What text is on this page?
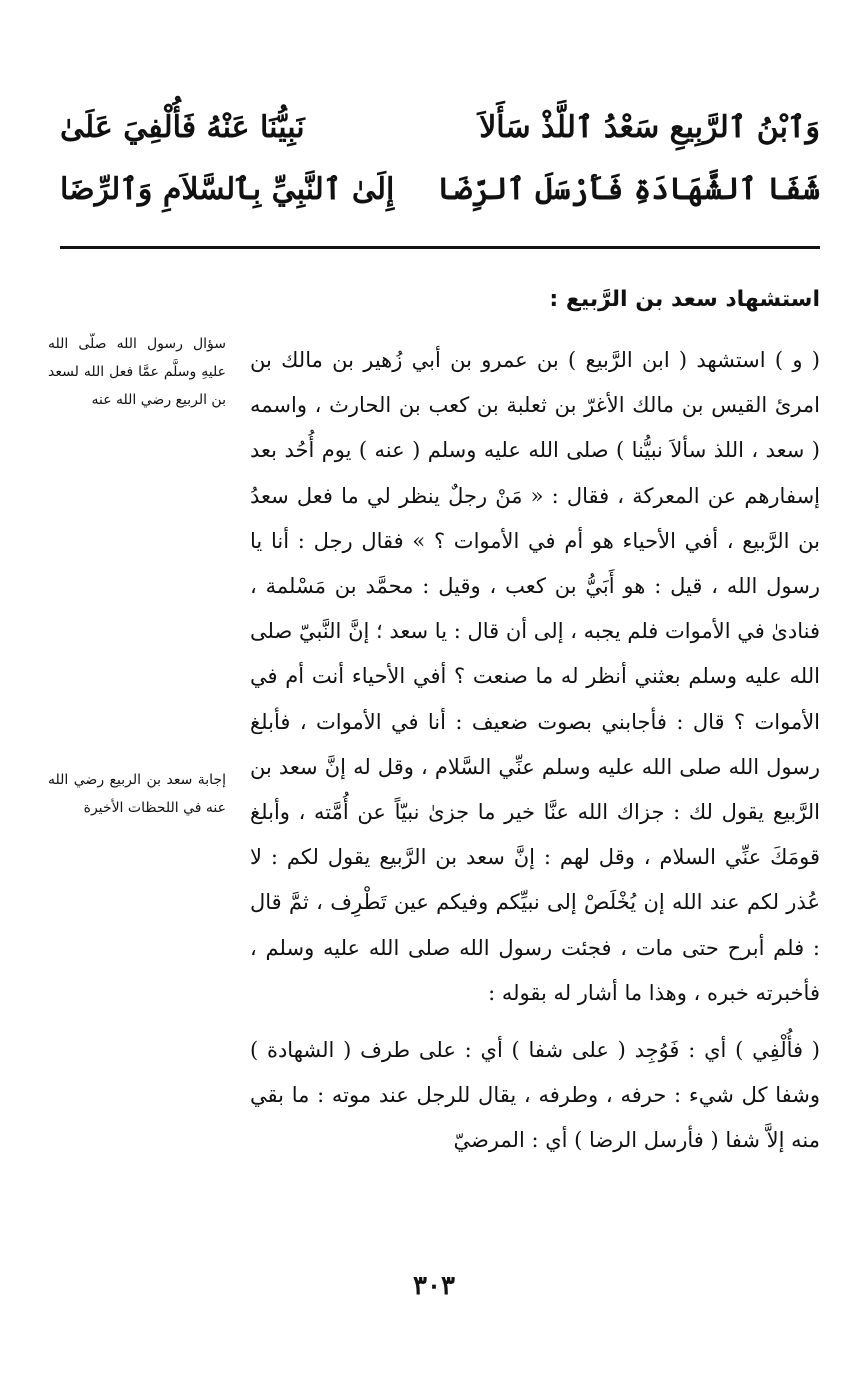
وَٱبْنُ ٱلرَّبِيعِ سَعْدُ ٱللَّذْ سَأَلاَ
نَبِيُّنَا عَنْهُ فَأُلْفِيَ عَلَىٰ
شَفَا ٱلشَّهَادَةِ فَأَرْسَلَ ٱلرِّضَا
إِلَىٰ ٱلنَّبِيِّ بِٱلسَّلاَمِ وَٱلرِّضَا
استشهاد سعد بن الرَّبيع :

( و ) استشهد ( ابن الرَّبيع ) بن عمرو بن أبي زُهير بن مالك بن امرئ القيس بن مالك الأغرّ بن ثعلبة بن كعب بن الحارث ، واسمه ( سعد ، اللذ سألاَ نبيُّنا ) صلى الله عليه وسلم ( عنه ) يوم أُحُد بعد إسفارهم عن المعركة ، فقال : « مَنْ رجلٌ ينظر لي ما فعل سعدُ بن الرَّبيع ، أفي الأحياء هو أم في الأموات ؟ » فقال رجل : أنا يا رسول الله ، قيل : هو أَبَيُّ بن كعب ، وقيل : محمَّد بن مَسْلمة ، فنادىٰ في الأموات فلم يجبه ، إلى أن قال : يا سعد ؛ إنَّ النَّبيّ صلى الله عليه وسلم بعثني أنظر له ما صنعت ؟ أفي الأحياء أنت أم في الأموات ؟ قال : فأجابني بصوت ضعيف : أنا في الأموات ، فأبلغ رسول الله صلى الله عليه وسلم عنِّي السَّلام ، وقل له إنَّ سعد بن الرَّبيع يقول لك : جزاك الله عنَّا خير ما جزىٰ نبيّاً عن أُمَّته ، وأبلغ قومَكَ عنِّي السلام ، وقل لهم : إنَّ سعد بن الرَّبيع يقول لكم : لا عُذر لكم عند الله إن يُخْلَصْ إلى نبيِّكم وفيكم عين تَطْرِف ، ثمَّ قال : فلم أبرح حتى مات ، فجئت رسول الله صلى الله عليه وسلم ، فأخبرته خبره ، وهذا ما أشار له بقوله :

( فأُلْفِي ) أي : فَوُجِد ( على شفا ) أي : على طرف ( الشهادة ) وشفا كل شيء : حرفه ، وطرفه ، يقال للرجل عند موته : ما بقي منه إلاَّ شفا ( فأرسل الرضا ) أي : المرضيّ

سؤال رسول الله صلّى الله عليهِ وسلَّم عمَّا فعل الله لسعد بن الربيع رضي الله عنه
إجابة سعد بن الربيع رضي الله عنه في اللحظات الأخيرة
٣٠٣
